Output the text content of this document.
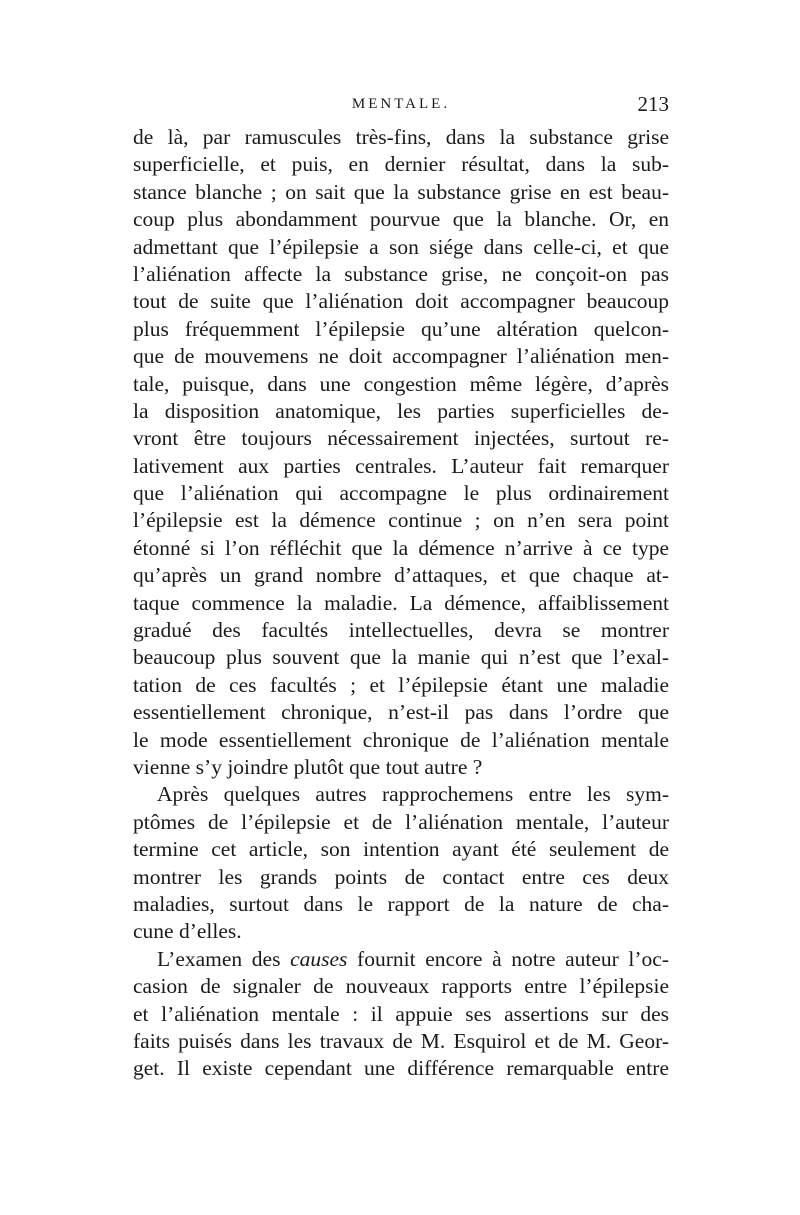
MENTALE.	213
de là, par ramuscules très-fins, dans la substance grise
superficielle, et puis, en dernier résultat, dans la sub-
stance blanche ; on sait que la substance grise en est beau-
coup plus abondamment pourvue que la blanche. Or, en
admettant que l’épilepsie a son siége dans celle-ci, et que
l’aliénation affecte la substance grise, ne conçoit-on pas
tout de suite que l’aliénation doit accompagner beaucoup
plus fréquemment l’épilepsie qu’une altération quelcon-
que de mouvemens ne doit accompagner l’aliénation men-
tale, puisque, dans une congestion même légère, d’après
la disposition anatomique, les parties superficielles de-
vront être toujours nécessairement injectées, surtout re-
lativement aux parties centrales. L’auteur fait remarquer
que l’aliénation qui accompagne le plus ordinairement
l’épilepsie est la démence continue ; on n’en sera point
étonné si l’on réfléchit que la démence n’arrive à ce type
qu’après un grand nombre d’attaques, et que chaque at-
taque commence la maladie. La démence, affaiblissement
gradué des facultés intellectuelles, devra se montrer
beaucoup plus souvent que la manie qui n’est que l’exal-
tation de ces facultés ; et l’épilepsie étant une maladie
essentiellement chronique, n’est-il pas dans l’ordre que
le mode essentiellement chronique de l’aliénation mentale
vienne s’y joindre plutôt que tout autre ?
Après quelques autres rapprochemens entre les sym-
ptômes de l’épilepsie et de l’aliénation mentale, l’auteur
termine cet article, son intention ayant été seulement de
montrer les grands points de contact entre ces deux
maladies, surtout dans le rapport de la nature de cha-
cune d’elles.
L’examen des causes fournit encore à notre auteur l’oc-
casion de signaler de nouveaux rapports entre l’épilepsie
et l’aliénation mentale : il appuie ses assertions sur des
faits puisés dans les travaux de M. Esquirol et de M. Geor-
get. Il existe cependant une différence remarquable entre
